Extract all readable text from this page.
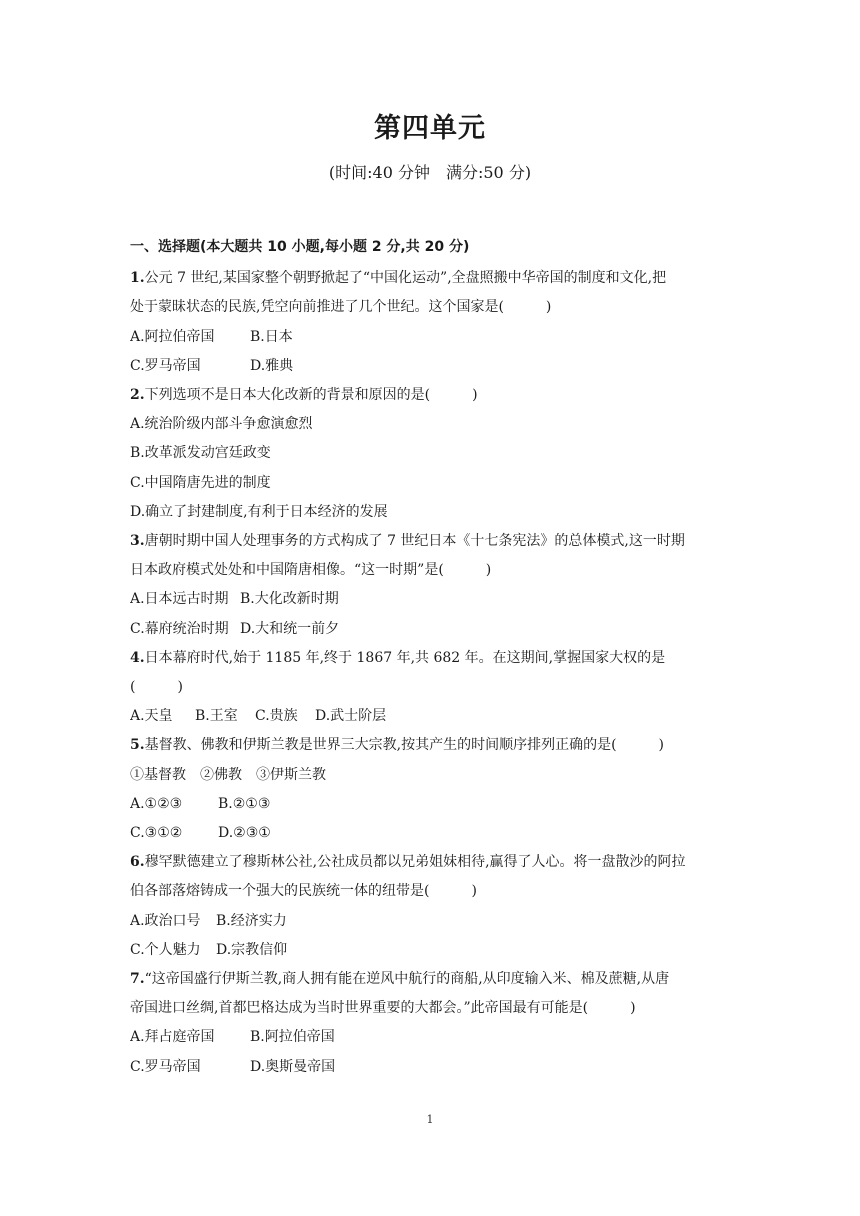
第四单元
(时间:40 分钟　满分:50 分)
一、选择题(本大题共 10 小题,每小题 2 分,共 20 分)
1.公元 7 世纪,某国家整个朝野掀起了“中国化运动”,全盘照搬中华帝国的制度和文化,把
处于蒙昧状态的民族,凭空向前推进了几个世纪。这个国家是(　　　)
A.阿拉伯帝国	B.日本
C.罗马帝国	D.雅典
2.下列选项不是日本大化改新的背景和原因的是(　　　)
A.统治阶级内部斗争愈演愈烈
B.改革派发动宫廷政变
C.中国隋唐先进的制度
D.确立了封建制度,有利于日本经济的发展
3.唐朝时期中国人处理事务的方式构成了 7 世纪日本《十七条宪法》的总体模式,这一时期
日本政府模式处处和中国隋唐相像。“这一时期”是(　　　)
A.日本远古时期 B.大化改新时期
C.幕府统治时期 D.大和统一前夕
4.日本幕府时代,始于 1185 年,终于 1867 年,共 682 年。在这期间,掌握国家大权的是
(　　　)
A.天皇 B.王室 C.贵族 D.武士阶层
5.基督教、佛教和伊斯兰教是世界三大宗教,按其产生的时间顺序排列正确的是(　　　)
①基督教　②佛教　③伊斯兰教
A.①②③	B.②①③
C.③①②	D.②③①
6.穆罕默德建立了穆斯林公社,公社成员都以兄弟姐妹相待,赢得了人心。将一盘散沙的阿拉
伯各部落熔铸成一个强大的民族统一体的纽带是(　　　)
A.政治口号 B.经济实力
C.个人魅力 D.宗教信仰
7.“这帝国盛行伊斯兰教,商人拥有能在逆风中航行的商船,从印度输入米、棉及蔗糖,从唐
帝国进口丝绸,首都巴格达成为当时世界重要的大都会。”此帝国最有可能是(　　　)
A.拜占庭帝国	B.阿拉伯帝国
C.罗马帝国	D.奥斯曼帝国
1
